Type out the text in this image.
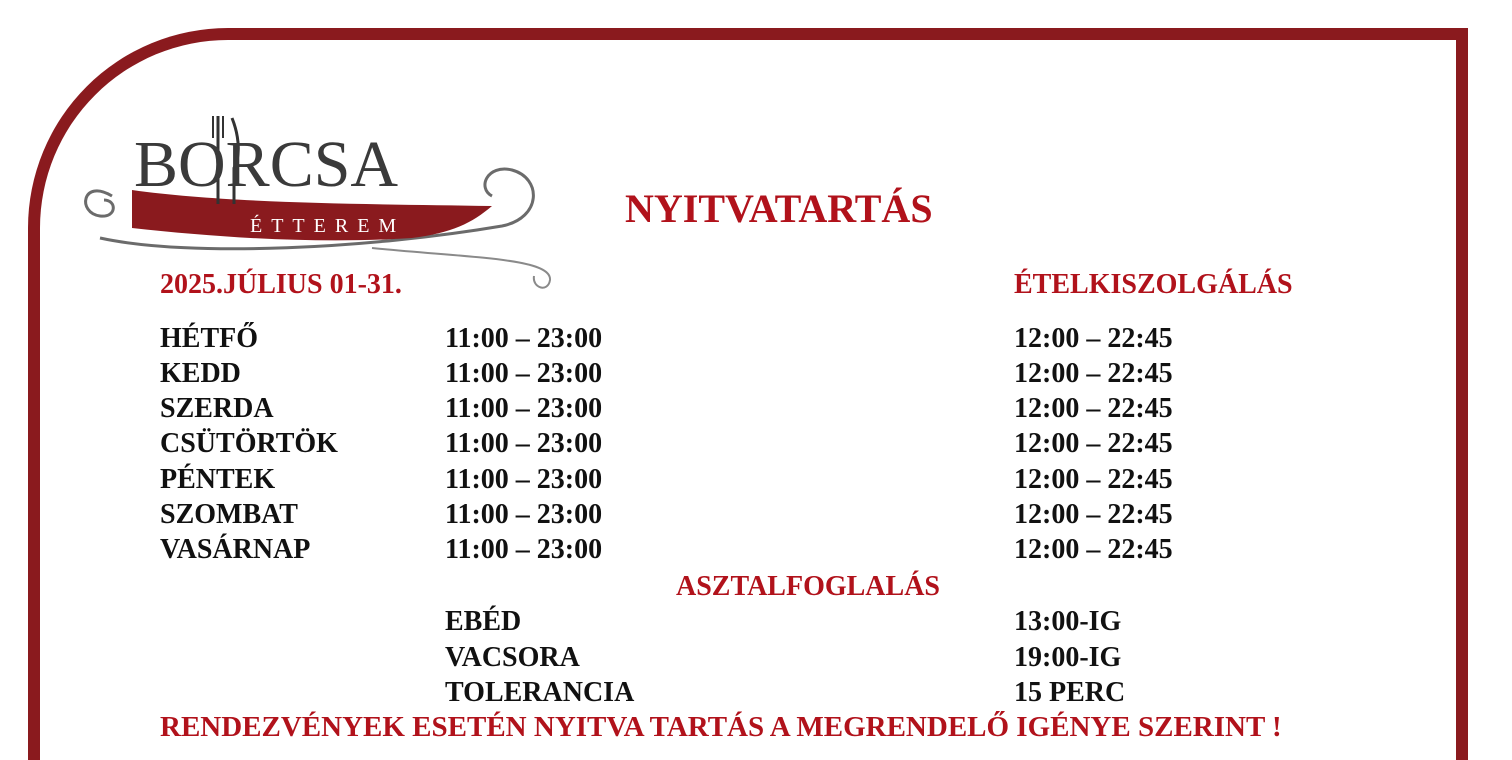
BORCSA
ÉTTEREM	NYITVATARTÁS
2025.JÚLIUS 01-31.	ÉTELKISZOLGÁLÁS
HÉTFŐ	11:00 – 23:00	12:00 – 22:45
KEDD	11:00 – 23:00	12:00 – 22:45
SZERDA	11:00 – 23:00	12:00 – 22:45
CSÜTÖRTÖK	11:00 – 23:00	12:00 – 22:45
PÉNTEK	11:00 – 23:00	12:00 – 22:45
SZOMBAT	11:00 – 23:00	12:00 – 22:45
VASÁRNAP	11:00 – 23:00	12:00 – 22:45
ASZTALFOGLALÁS
EBÉD	13:00-IG
VACSORA	19:00-IG
TOLERANCIA	15 PERC
RENDEZVÉNYEK ESETÉN NYITVA TARTÁS A MEGRENDELŐ IGÉNYE SZERINT !
